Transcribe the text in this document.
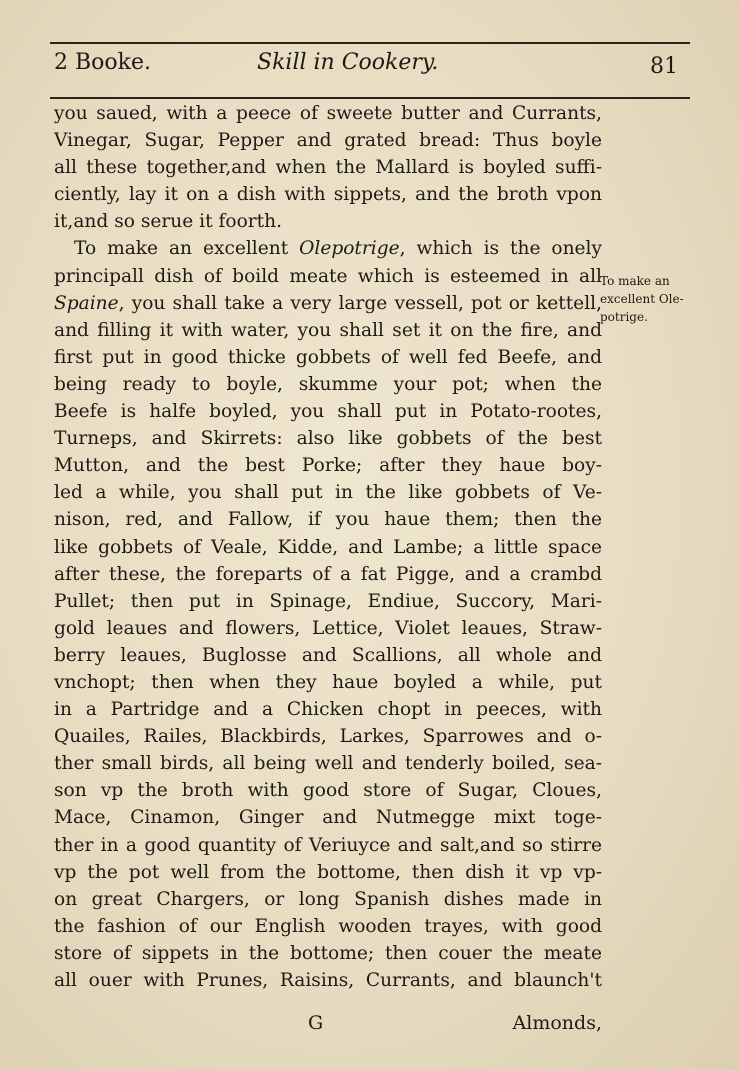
2 Booke.	Skill in Cookery.	81
you saued, with a peece of sweete butter and Currants,
Vinegar, Sugar, Pepper and grated bread: Thus boyle
all these together,and when the Mallard is boyled suffi-
ciently, lay it on a dish with sippets, and the broth vpon
it,and so serue it foorth.
To make an excellent Olepotrige, which is the onely
principall dish of boild meate which is esteemed in all
Spaine, you shall take a very large vessell, pot or kettell,
and filling it with water, you shall set it on the fire, and
first put in good thicke gobbets of well fed Beefe, and
being ready to boyle, skumme your pot; when the
Beefe is halfe boyled, you shall put in Potato-rootes,
Turneps, and Skirrets: also like gobbets of the best
Mutton, and the best Porke; after they haue boy-
led a while, you shall put in the like gobbets of Ve-
nison, red, and Fallow, if you haue them; then the
like gobbets of Veale, Kidde, and Lambe; a little space
after these, the foreparts of a fat Pigge, and a crambd
Pullet; then put in Spinage, Endiue, Succory, Mari-
gold leaues and flowers, Lettice, Violet leaues, Straw-
berry leaues, Buglosse and Scallions, all whole and
vnchopt; then when they haue boyled a while, put
in a Partridge and a Chicken chopt in peeces, with
Quailes, Railes, Blackbirds, Larkes, Sparrowes and o-
ther small birds, all being well and tenderly boiled, sea-
son vp the broth with good store of Sugar, Cloues,
Mace, Cinamon, Ginger and Nutmegge mixt toge-
ther in a good quantity of Veriuyce and salt,and so stirre
vp the pot well from the bottome, then dish it vp vp-
on great Chargers, or long Spanish dishes made in
the fashion of our English wooden trayes, with good
store of sippets in the bottome; then couer the meate
all ouer with Prunes, Raisins, Currants, and blaunch't
To make an
excellent Ole-
potrige.
G	Almonds,
